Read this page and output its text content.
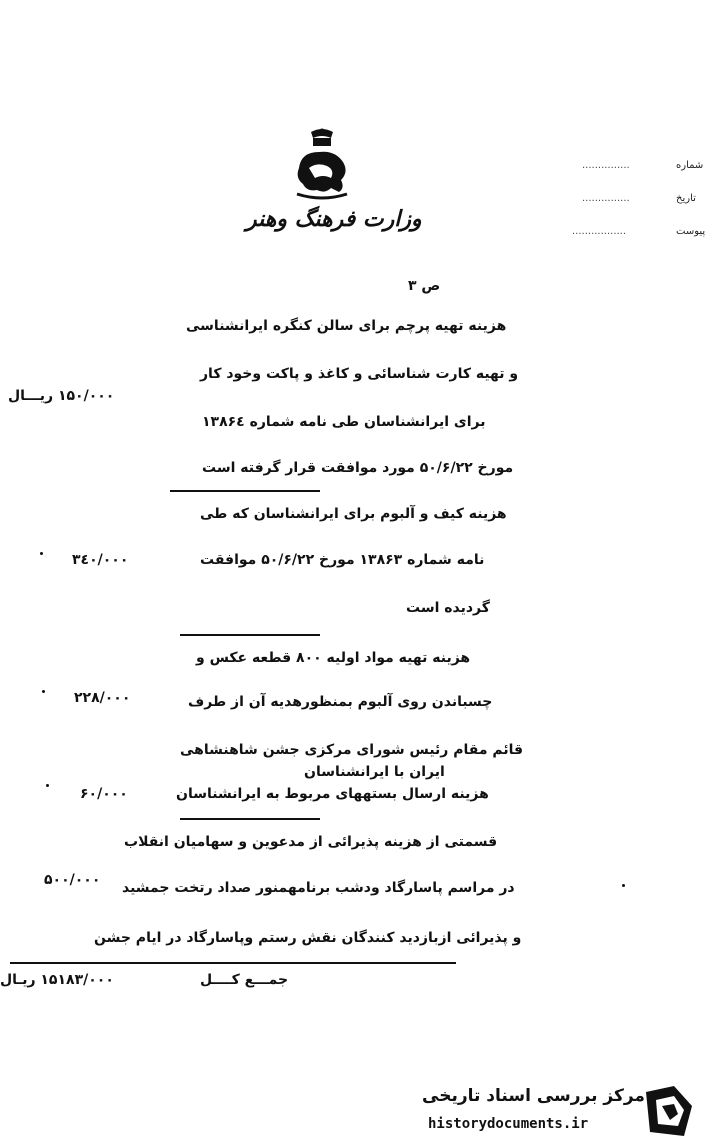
وزارت فرهنگ وهنر
شماره
...............
تاریخ
...............
پیوست
.................
ص ۳
هزینه تهیه پرچم برای سالن کنگره ایرانشناسی
و تهیه کارت شناسائی و کاغذ و پاکت وخود کار
۱۵۰/۰۰۰ ریـــال
برای ایرانشناسان طی نامه شماره ۱۳۸۶٤
مورخ ۵۰/۶/۲۲ مورد موافقت قرار گرفته است
هزینه کیف و آلبوم برای ایرانشناسان که طی
نامه شماره ۱۳۸۶۳ مورخ ۵۰/۶/۲۲ موافقت
۳٤۰/۰۰۰
گردیده است
هزینه تهیه مواد اولیه ۸۰۰ قطعه عکس و
چسباندن روی آلبوم بمنظورهدیه آن از طرف
۲۲۸/۰۰۰
قائم مقام رئیس شورای مرکزی جشن شاهنشاهی
ایران با ایرانشناسان
هزینه ارسال بستههای مربوط به ایرانشناسان
۶۰/۰۰۰
قسمتی از هزینه پذیرائی از مدعوین و سهامیان انقلاب
در مراسم پاسارگاد ودشب برنامهمنور صداد رتخت جمشید
۵۰۰/۰۰۰
و پذیرائی ازبازدید کنندگان نقش رستم وپاسارگاد در ایام جشن
جمـــع کــــل
۱۵۱۸۳/۰۰۰ ریـال
مرکز بررسی اسناد تاریخی
historydocuments.ir
